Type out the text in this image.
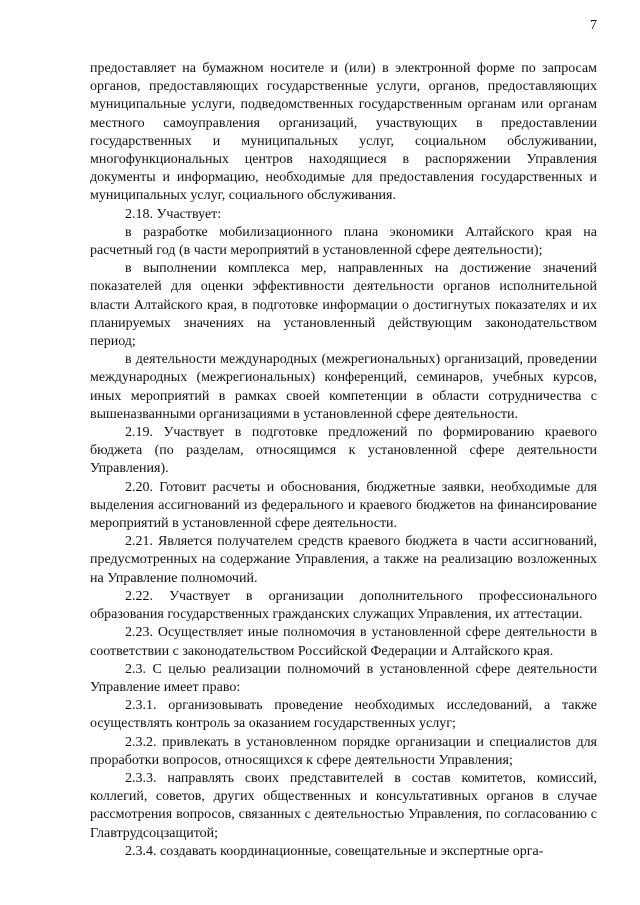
7

предоставляет на бумажном носителе и (или) в электронной форме по запросам органов, предоставляющих государственные услуги, органов, предоставляющих муниципальные услуги, подведомственных государственным органам или органам местного самоуправления организаций, участвующих в предоставлении государственных и муниципальных услуг, социальном обслуживании, многофункциональных центров находящиеся в распоряжении Управления документы и информацию, необходимые для предоставления государственных и муниципальных услуг, социального обслуживания.

2.18. Участвует:

в разработке мобилизационного плана экономики Алтайского края на расчетный год (в части мероприятий в установленной сфере деятельности);

в выполнении комплекса мер, направленных на достижение значений показателей для оценки эффективности деятельности органов исполнительной власти Алтайского края, в подготовке информации о достигнутых показателях и их планируемых значениях на установленный действующим законодательством период;

в деятельности международных (межрегиональных) организаций, проведении международных (межрегиональных) конференций, семинаров, учебных курсов, иных мероприятий в рамках своей компетенции в области сотрудничества с вышеназванными организациями в установленной сфере деятельности.

2.19. Участвует в подготовке предложений по формированию краевого бюджета (по разделам, относящимся к установленной сфере деятельности Управления).

2.20. Готовит расчеты и обоснования, бюджетные заявки, необходимые для выделения ассигнований из федерального и краевого бюджетов на финансирование мероприятий в установленной сфере деятельности.

2.21. Является получателем средств краевого бюджета в части ассигнований, предусмотренных на содержание Управления, а также на реализацию возложенных на Управление полномочий.

2.22. Участвует в организации дополнительного профессионального образования государственных гражданских служащих Управления, их аттестации.

2.23. Осуществляет иные полномочия в установленной сфере деятельности в соответствии с законодательством Российской Федерации и Алтайского края.

2.3. С целью реализации полномочий в установленной сфере деятельности Управление имеет право:

2.3.1. организовывать проведение необходимых исследований, а также осуществлять контроль за оказанием государственных услуг;

2.3.2. привлекать в установленном порядке организации и специалистов для проработки вопросов, относящихся к сфере деятельности Управления;

2.3.3. направлять своих представителей в состав комитетов, комиссий, коллегий, советов, других общественных и консультативных органов в случае рассмотрения вопросов, связанных с деятельностью Управления, по согласованию с Главтрудсоцзащитой;

2.3.4. создавать координационные, совещательные и экспертные орга-
